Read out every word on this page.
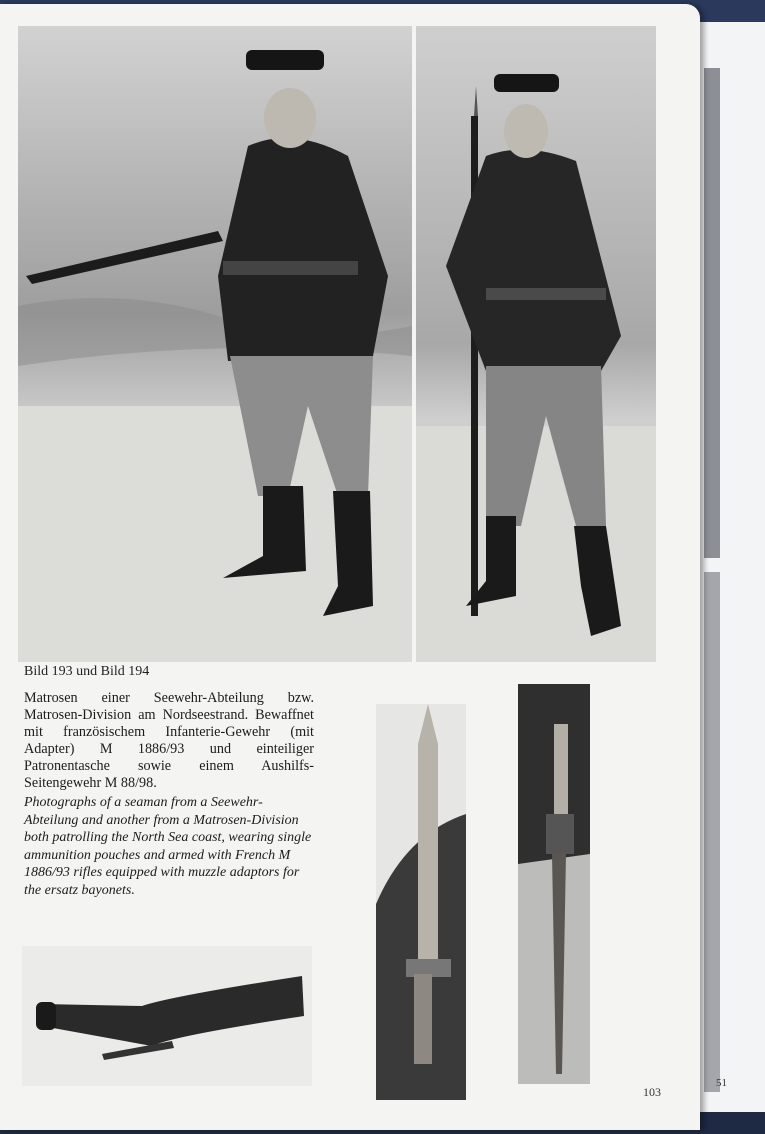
51
Bild 193 und Bild 194

Matrosen einer Seewehr-Abteilung bzw. Matrosen-Division am Nordseestrand. Bewaffnet mit französischem Infanterie-Gewehr (mit Adapter) M 1886/93 und einteiliger Patronentasche sowie einem Aushilfs-Seitengewehr M 88/98.

Photographs of a seaman from a Seewehr-Abteilung and another from a Matrosen-Division both patrolling the North Sea coast, wearing single ammunition pouches and armed with French M 1886/93 rifles equipped with muzzle adaptors for the ersatz bayonets.

103
